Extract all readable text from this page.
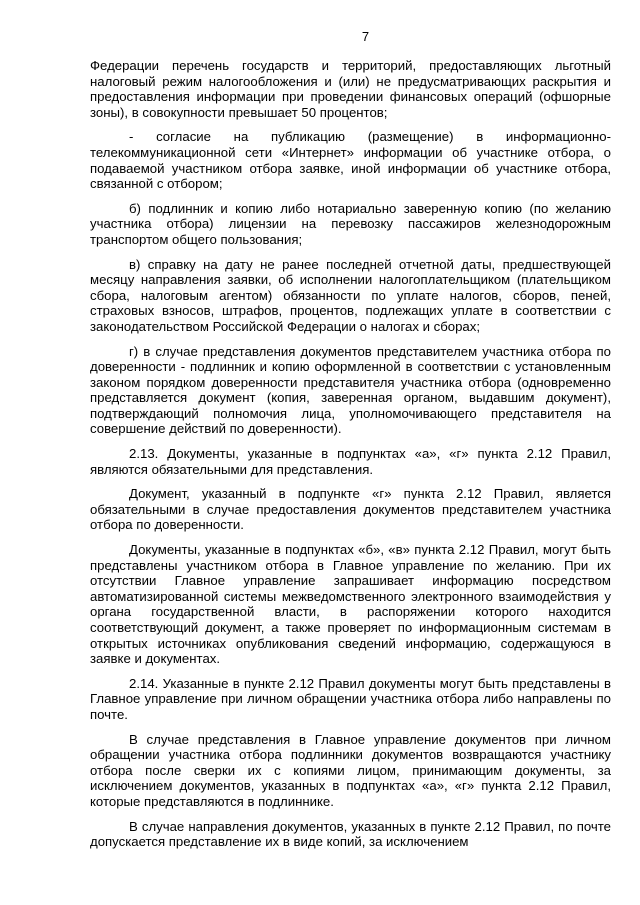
7

Федерации перечень государств и территорий, предоставляющих льготный налоговый режим налогообложения и (или) не предусматривающих раскрытия и предоставления информации при проведении финансовых операций (офшорные зоны), в совокупности превышает 50 процентов;

- согласие на публикацию (размещение) в информационно-телекоммуникационной сети «Интернет» информации об участнике отбора, о подаваемой участником отбора заявке, иной информации об участнике отбора, связанной с отбором;

б) подлинник и копию либо нотариально заверенную копию (по желанию участника отбора) лицензии на перевозку пассажиров железнодорожным транспортом общего пользования;

в) справку на дату не ранее последней отчетной даты, предшествующей месяцу направления заявки, об исполнении налогоплательщиком (плательщиком сбора, налоговым агентом) обязанности по уплате налогов, сборов, пеней, страховых взносов, штрафов, процентов, подлежащих уплате в соответствии с законодательством Российской Федерации о налогах и сборах;

г) в случае представления документов представителем участника отбора по доверенности - подлинник и копию оформленной в соответствии с установленным законом порядком доверенности представителя участника отбора (одновременно представляется документ (копия, заверенная органом, выдавшим документ), подтверждающий полномочия лица, уполномочивающего представителя на совершение действий по доверенности).

2.13. Документы, указанные в подпунктах «а», «г» пункта 2.12 Правил, являются обязательными для представления.

Документ, указанный в подпункте «г» пункта 2.12 Правил, является обязательными в случае предоставления документов представителем участника отбора по доверенности.

Документы, указанные в подпунктах «б», «в» пункта 2.12 Правил, могут быть представлены участником отбора в Главное управление по желанию. При их отсутствии Главное управление запрашивает информацию посредством автоматизированной системы межведомственного электронного взаимодействия у органа государственной власти, в распоряжении которого находится соответствующий документ, а также проверяет по информационным системам в открытых источниках опубликования сведений информацию, содержащуюся в заявке и документах.

2.14. Указанные в пункте 2.12 Правил документы могут быть представлены в Главное управление при личном обращении участника отбора либо направлены по почте.

В случае представления в Главное управление документов при личном обращении участника отбора подлинники документов возвращаются участнику отбора после сверки их с копиями лицом, принимающим документы, за исключением документов, указанных в подпунктах «а», «г» пункта 2.12 Правил, которые представляются в подлиннике.

В случае направления документов, указанных в пункте 2.12 Правил, по почте допускается представление их в виде копий, за исключением
